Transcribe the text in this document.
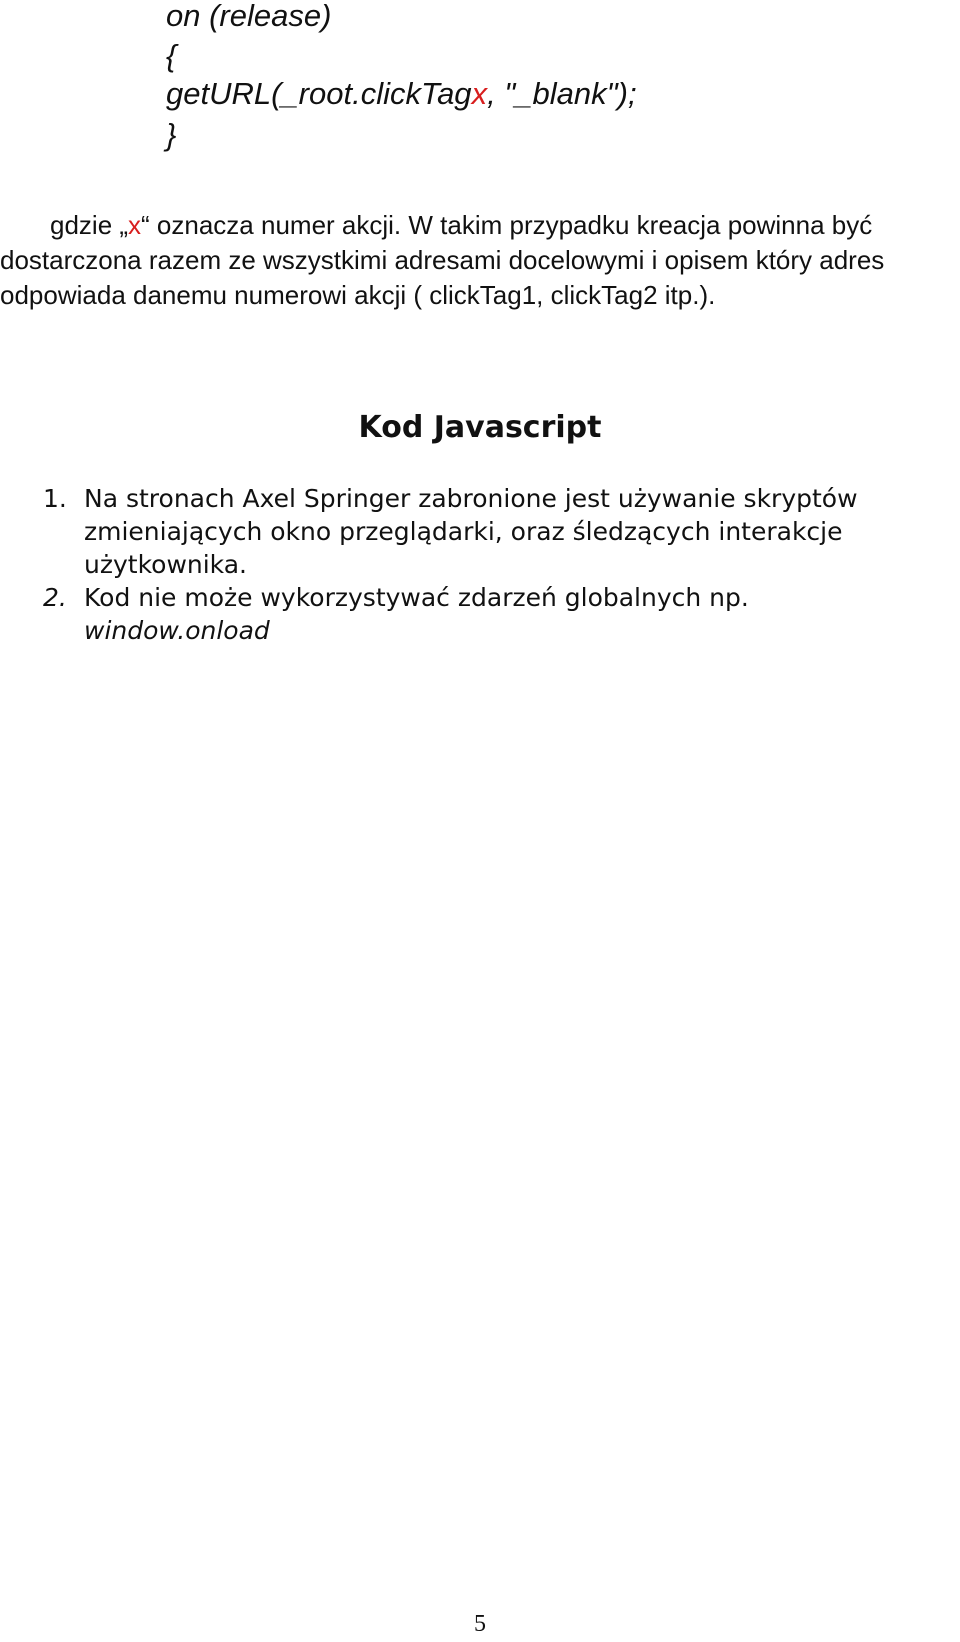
on (release)
{
getURL(_root.clickTagx, "_blank");
}

gdzie „x“ oznacza numer akcji. W takim przypadku kreacja powinna być dostarczona razem ze wszystkimi adresami docelowymi i opisem który adres odpowiada danemu numerowi akcji ( clickTag1, clickTag2 itp.).

Kod Javascript
1. Na stronach Axel Springer zabronione jest używanie skryptów zmieniających okno przeglądarki, oraz śledzących interakcje użytkownika.
2. Kod nie może wykorzystywać zdarzeń globalnych np.
window.onload
5
